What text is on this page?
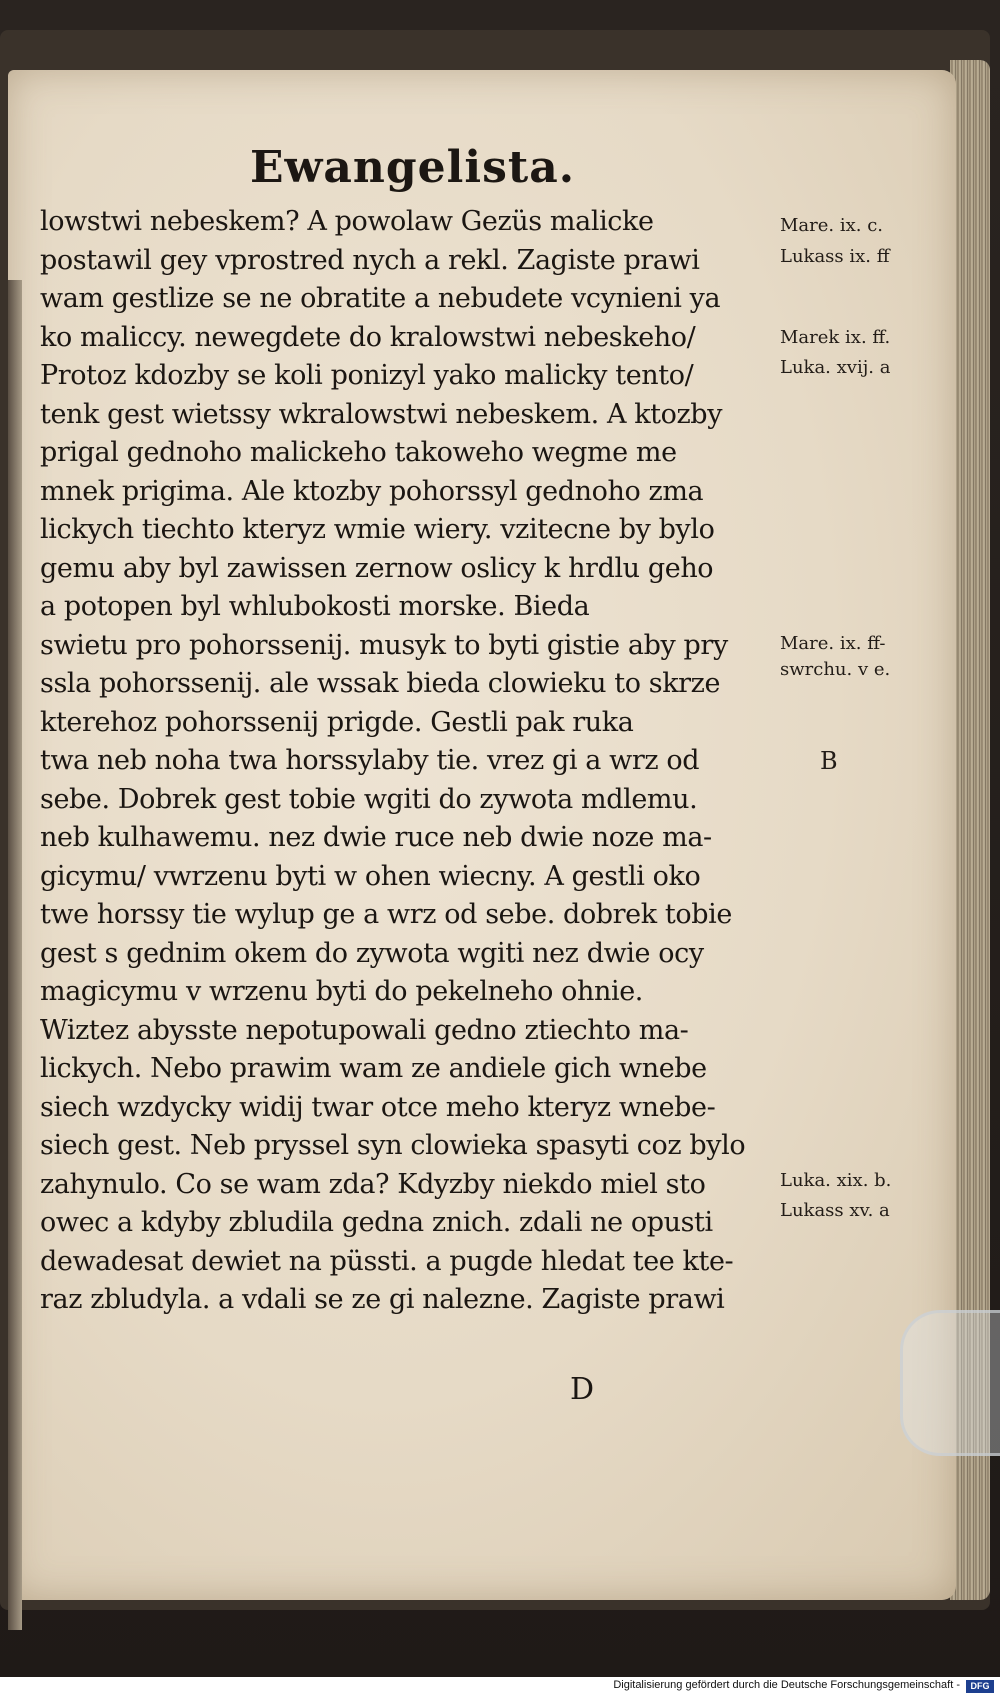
Ewangelista.
lowstwi nebeskem? A powolaw Gezüs malicke
postawil gey vprostred nych a rekl. Zagiste prawi
wam gestlize se ne obratite a nebudete vcynieni ya
ko maliccy. newegdete do kralowstwi nebeskeho/
Protoz kdozby se koli ponizyl yako malicky tento/
tenk gest wietssy wkralowstwi nebeskem. A ktozby
prigal gednoho malickeho takoweho wegme me
mnek prigima. Ale ktozby pohorssyl gednoho zma
lickych tiechto kteryz wmie wiery. vzitecne by bylo
gemu aby byl zawissen zernow oslicy k hrdlu geho
a potopen byl whlubokosti morske. Bieda
swietu pro pohorssenij. musyk to byti gistie aby pry
ssla pohorssenij. ale wssak bieda clowieku to skrze
kterehoz pohorssenij prigde. Gestli pak ruka
twa neb noha twa horssylaby tie. vrez gi a wrz od
sebe. Dobrek gest tobie wgiti do zywota mdlemu.
neb kulhawemu. nez dwie ruce neb dwie noze ma-
gicymu/ vwrzenu byti w ohen wiecny. A gestli oko
twe horssy tie wylup ge a wrz od sebe. dobrek tobie
gest s gednim okem do zywota wgiti nez dwie ocy
magicymu v wrzenu byti do pekelneho ohnie.
Wiztez abysste nepotupowali gedno ztiechto ma-
lickych. Nebo prawim wam ze andiele gich wnebe
siech wzdycky widij twar otce meho kteryz wnebe-
siech gest. Neb pryssel syn clowieka spasyti coz bylo
zahynulo. Co se wam zda? Kdyzby niekdo miel sto
owec a kdyby zbludila gedna znich. zdali ne opusti
dewadesat dewiet na püssti. a pugde hledat tee kte-
raz zbludyla. a vdali se ze gi nalezne. Zagiste prawi
Mare. ix. c.
Lukass ix. ff
Marek ix. ff.
Luka. xvij. a
Mare. ix. ff-
swrchu. v e.
B
Luka. xix. b.
Lukass xv. a
D
Digitalisierung gefördert durch die Deutsche Forschungsgemeinschaft -	DFG
